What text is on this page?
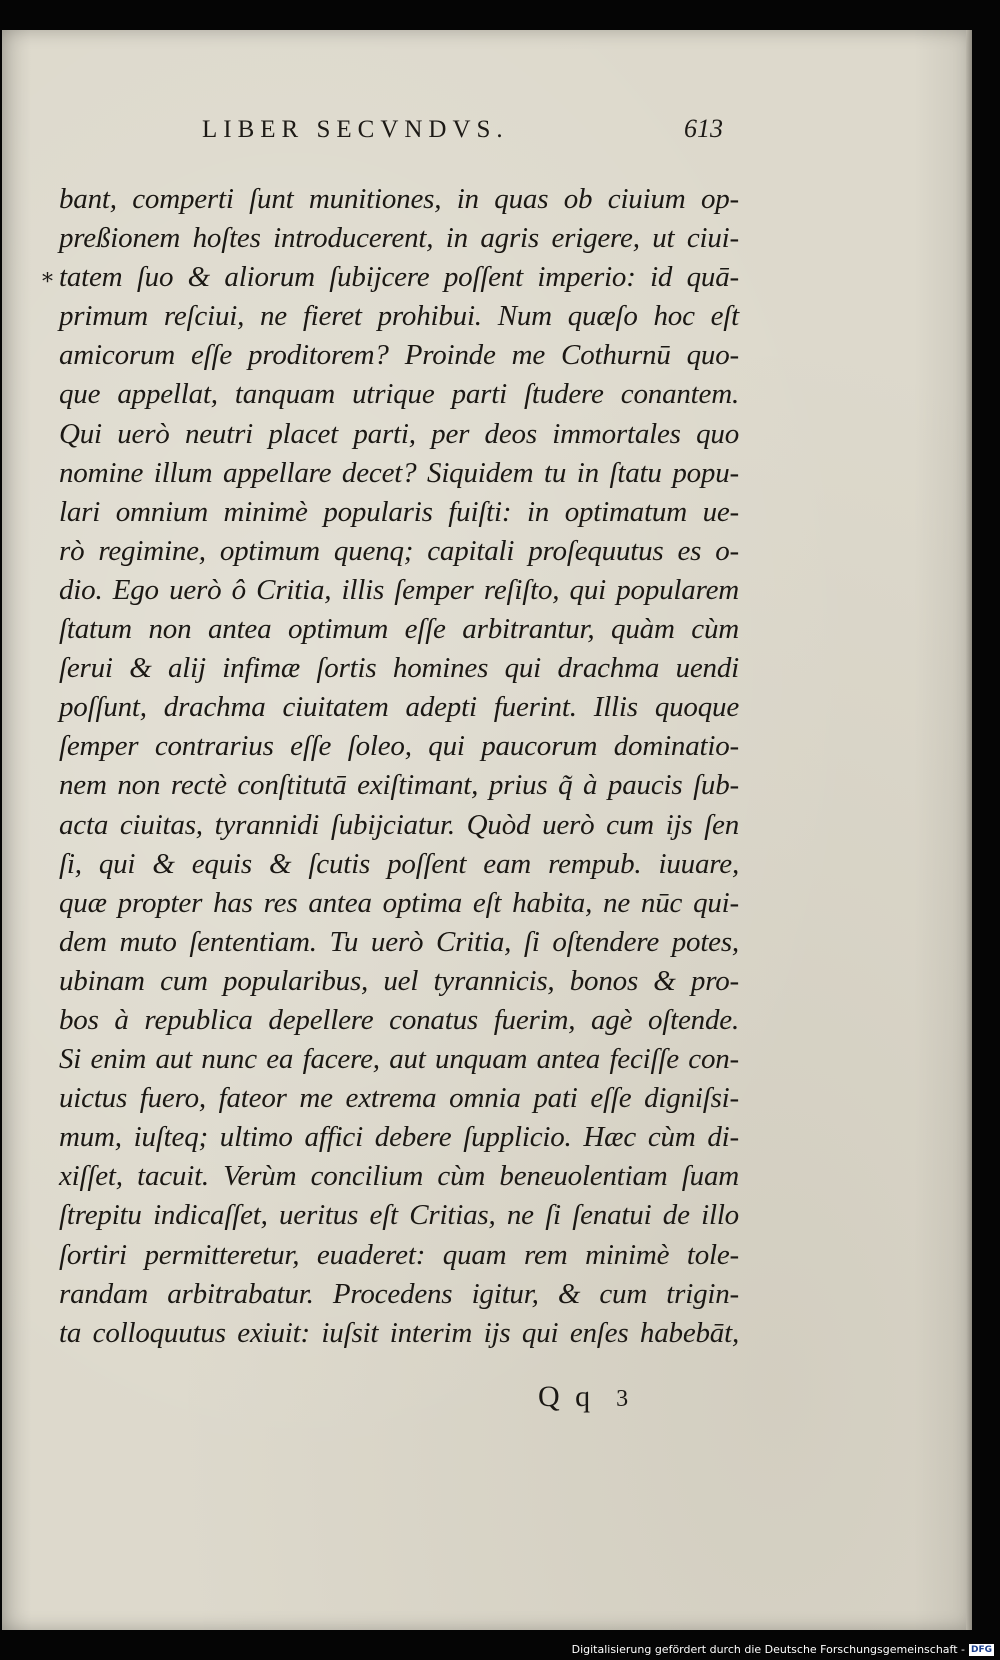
LIBER SECVNDVS.	613
*
bant, comperti ſunt munitiones, in quas ob ciuium op-
preßionem hoſtes introducerent, in agris erigere, ut ciui-
tatem ſuo & aliorum ſubijcere poſſent imperio: id quā-
primum reſciui, ne fieret prohibui. Num quæſo hoc eſt
amicorum eſſe proditorem? Proinde me Cothurnū quo-
que appellat, tanquam utrique parti ſtudere conantem.
Qui uerò neutri placet parti, per deos immortales quo
nomine illum appellare decet? Siquidem tu in ſtatu popu-
lari omnium minimè popularis fuiſti: in optimatum ue-
rò regimine, optimum quenq; capitali proſequutus es o-
dio. Ego uerò ô Critia, illis ſemper reſiſto, qui popularem
ſtatum non antea optimum eſſe arbitrantur, quàm cùm
ſerui & alij infimæ ſortis homines qui drachma uendi
poſſunt, drachma ciuitatem adepti fuerint. Illis quoque
ſemper contrarius eſſe ſoleo, qui paucorum dominatio-
nem non rectè conſtitutā exiſtimant, prius q̃ à paucis ſub-
acta ciuitas, tyrannidi ſubijciatur. Quòd uerò cum ijs ſen
ſi, qui & equis & ſcutis poſſent eam rempub. iuuare,
quæ propter has res antea optima eſt habita, ne nūc qui-
dem muto ſententiam. Tu uerò Critia, ſi oſtendere potes,
ubinam cum popularibus, uel tyrannicis, bonos & pro-
bos à republica depellere conatus fuerim, agè oſtende.
Si enim aut nunc ea facere, aut unquam antea feciſſe con-
uictus fuero, fateor me extrema omnia pati eſſe digniſsi-
mum, iuſteq; ultimo affici debere ſupplicio. Hæc cùm di-
xiſſet, tacuit. Verùm concilium cùm beneuolentiam ſuam
ſtrepitu indicaſſet, ueritus eſt Critias, ne ſi ſenatui de illo
ſortiri permitteretur, euaderet: quam rem minimè tole-
randam arbitrabatur. Procedens igitur, & cum trigin-
ta colloquutus exiuit: iuſsit interim ijs qui enſes habebāt,
Q q 3
Digitalisierung gefördert durch die Deutsche Forschungsgemeinschaft - DFG
